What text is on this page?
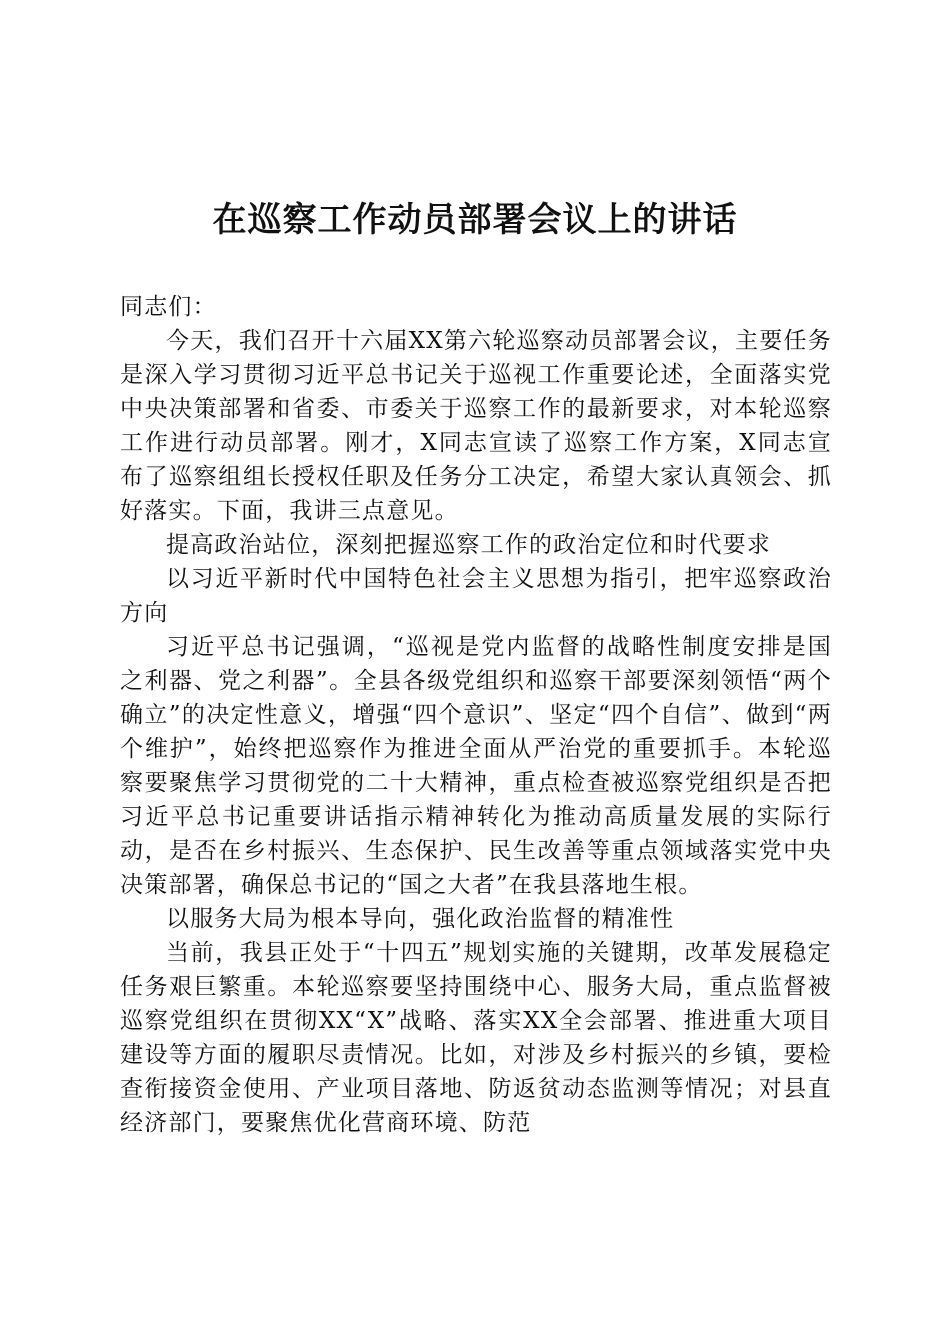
在巡察工作动员部署会议上的讲话

同志们：

今天，我们召开十六届XX第六轮巡察动员部署会议，主要任务是深入学习贯彻习近平总书记关于巡视工作重要论述，全面落实党中央决策部署和省委、市委关于巡察工作的最新要求，对本轮巡察工作进行动员部署。刚才，X同志宣读了巡察工作方案，X同志宣布了巡察组组长授权任职及任务分工决定，希望大家认真领会、抓好落实。下面，我讲三点意见。

提高政治站位，深刻把握巡察工作的政治定位和时代要求

以习近平新时代中国特色社会主义思想为指引，把牢巡察政治方向

习近平总书记强调，“巡视是党内监督的战略性制度安排是国之利器、党之利器”。全县各级党组织和巡察干部要深刻领悟“两个确立”的决定性意义，增强“四个意识”、坚定“四个自信”、做到“两个维护”，始终把巡察作为推进全面从严治党的重要抓手。本轮巡察要聚焦学习贯彻党的二十大精神，重点检查被巡察党组织是否把习近平总书记重要讲话指示精神转化为推动高质量发展的实际行动，是否在乡村振兴、生态保护、民生改善等重点领域落实党中央决策部署，确保总书记的“国之大者”在我县落地生根。

以服务大局为根本导向，强化政治监督的精准性

当前，我县正处于“十四五”规划实施的关键期，改革发展稳定任务艰巨繁重。本轮巡察要坚持围绕中心、服务大局，重点监督被巡察党组织在贯彻XX“X”战略、落实XX全会部署、推进重大项目建设等方面的履职尽责情况。比如，对涉及乡村振兴的乡镇，要检查衔接资金使用、产业项目落地、防返贫动态监测等情况；对县直经济部门，要聚焦优化营商环境、防范
